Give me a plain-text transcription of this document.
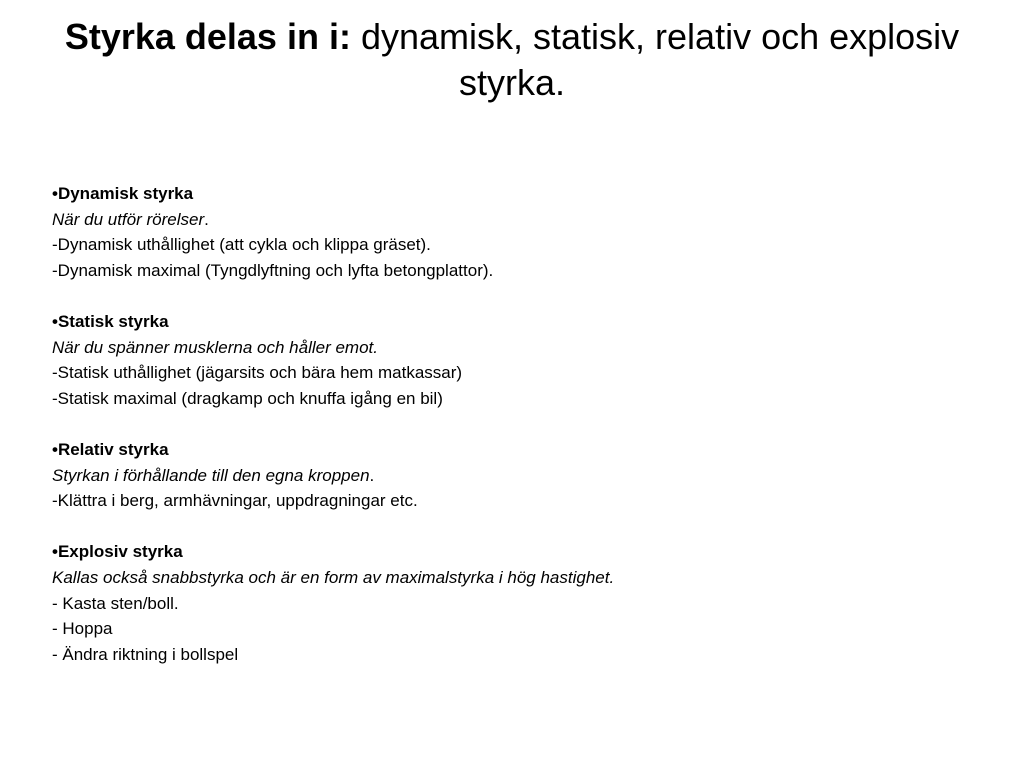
Styrka delas in i: dynamisk, statisk, relativ och explosiv styrka.
•Dynamisk styrka
När du utför rörelser.
-Dynamisk uthållighet (att cykla och klippa gräset).
-Dynamisk maximal (Tyngdlyftning och lyfta betongplattor).
•Statisk styrka
När du spänner musklerna och håller emot.
-Statisk uthållighet (jägarsits och bära hem matkassar)
-Statisk maximal (dragkamp och knuffa igång en bil)
•Relativ styrka
Styrkan i förhållande till den egna kroppen.
-Klättra i berg, armhävningar, uppdragningar etc.
•Explosiv styrka
Kallas också snabbstyrka och är en form av maximalstyrka i hög hastighet.
- Kasta sten/boll.
- Hoppa
- Ändra riktning i bollspel
